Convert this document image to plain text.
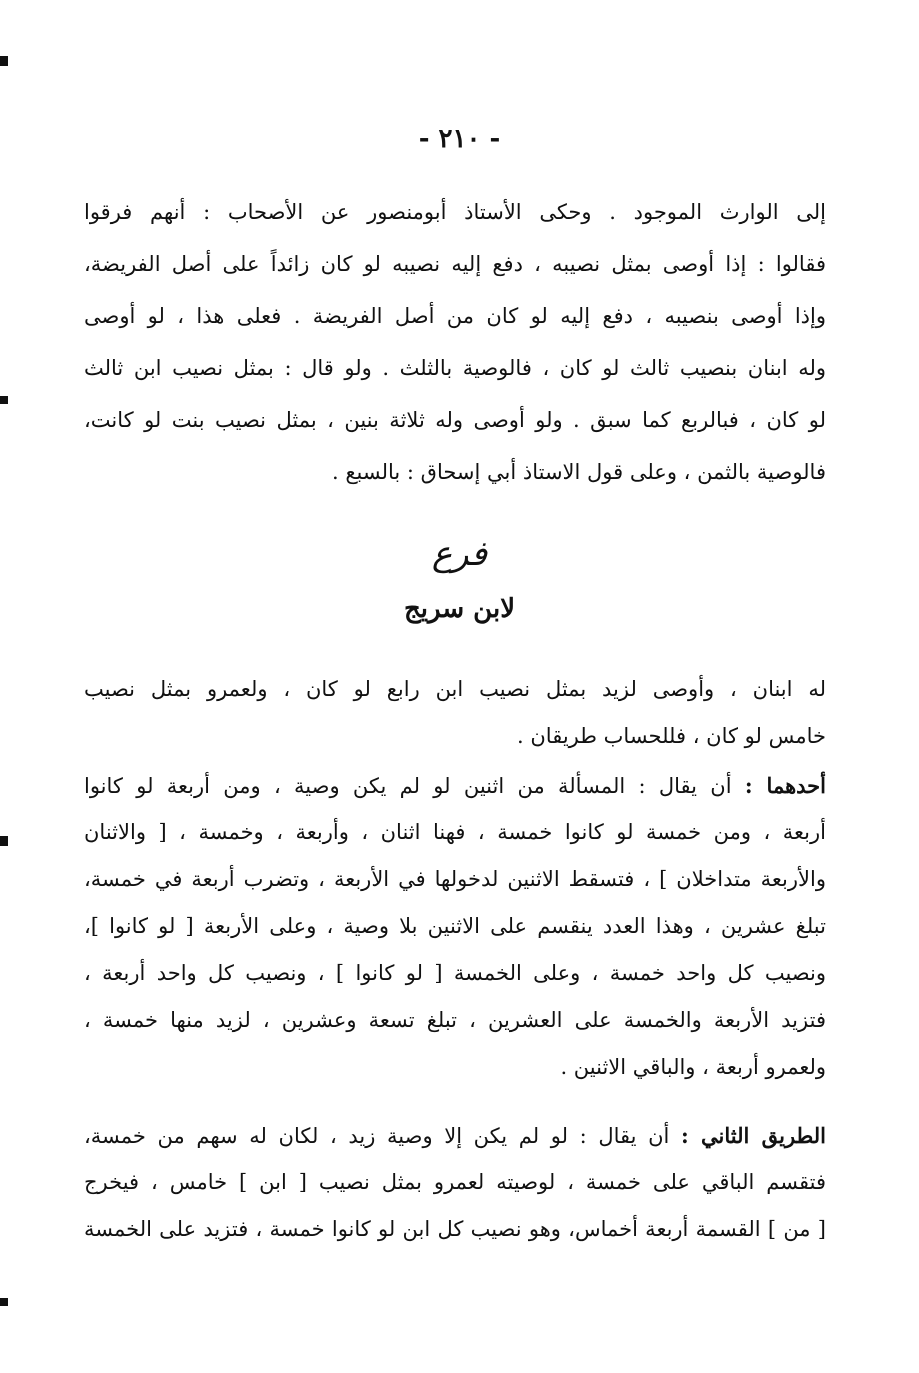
- ٢١٠ -
إلى الوارث الموجود . وحكى الأستاذ أبومنصور عن الأصحاب : أنهم فرقوا
فقالوا : إذا أوصى بمثل نصيبه ، دفع إليه نصيبه لو كان زائداً على أصل الفريضة،
وإذا أوصى بنصيبه ، دفع إليه لو كان من أصل الفريضة . فعلى هذا ، لو أوصى
وله ابنان بنصيب ثالث لو كان ، فالوصية بالثلث . ولو قال : بمثل نصيب ابن ثالث
لو كان ، فبالربع كما سبق . ولو أوصى وله ثلاثة بنين ، بمثل نصيب بنت لو كانت،
فالوصية بالثمن ، وعلى قول الاستاذ أبي إسحاق : بالسبع .
فرع
لابن سريج
له ابنان ، وأوصى لزيد بمثل نصيب ابن رابع لو كان ، ولعمرو بمثل نصيب
خامس لو كان ، فللحساب طريقان .
أحدهما : أن يقال : المسألة من اثنين لو لم يكن وصية ، ومن أربعة لو كانوا
أربعة ، ومن خمسة لو كانوا خمسة ، فهنا اثنان ، وأربعة ، وخمسة ، [ والاثنان
والأربعة متداخلان ] ، فتسقط الاثنين لدخولها في الأربعة ، وتضرب أربعة في خمسة،
تبلغ عشرين ، وهذا العدد ينقسم على الاثنين بلا وصية ، وعلى الأربعة [ لو كانوا ]،
ونصيب كل واحد خمسة ، وعلى الخمسة [ لو كانوا ] ، ونصيب كل واحد أربعة ،
فتزيد الأربعة والخمسة على العشرين ، تبلغ تسعة وعشرين ، لزيد منها خمسة ،
ولعمرو أربعة ، والباقي الاثنين .
الطريق الثاني : أن يقال : لو لم يكن إلا وصية زيد ، لكان له سهم من خمسة،
فتقسم الباقي على خمسة ، لوصيته لعمرو بمثل نصيب [ ابن ] خامس ، فيخرج
[ من ] القسمة أربعة أخماس، وهو نصيب كل ابن لو كانوا خمسة ، فتزيد على الخمسة
